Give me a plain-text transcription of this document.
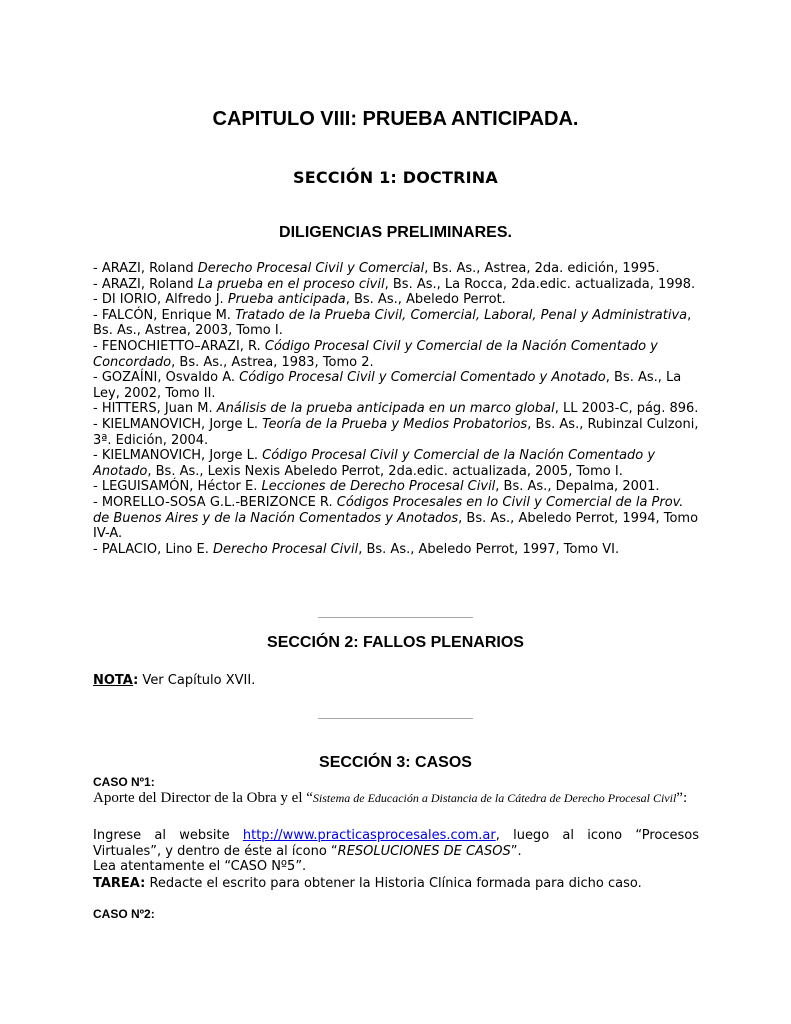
CAPITULO VIII: PRUEBA ANTICIPADA.
SECCIÓN 1: DOCTRINA
DILIGENCIAS PRELIMINARES.
- ARAZI, Roland Derecho Procesal Civil y Comercial, Bs. As., Astrea, 2da. edición, 1995.
- ARAZI, Roland La prueba en el proceso civil, Bs. As., La Rocca, 2da.edic. actualizada, 1998.
- DI IORIO, Alfredo J. Prueba anticipada, Bs. As., Abeledo Perrot.
- FALCÓN, Enrique M. Tratado de la Prueba Civil, Comercial, Laboral, Penal y Administrativa, Bs. As., Astrea, 2003, Tomo I.
- FENOCHIETTO–ARAZI, R. Código Procesal Civil y Comercial de la Nación Comentado y Concordado, Bs. As., Astrea, 1983, Tomo 2.
- GOZAÍNI, Osvaldo A. Código Procesal Civil y Comercial Comentado y Anotado, Bs. As., La Ley, 2002, Tomo II.
- HITTERS, Juan M. Análisis de la prueba anticipada en un marco global, LL 2003-C, pág. 896.
- KIELMANOVICH, Jorge L. Teoría de la Prueba y Medios Probatorios, Bs. As., Rubinzal Culzoni, 3ª. Edición, 2004.
- KIELMANOVICH, Jorge L. Código Procesal Civil y Comercial de la Nación Comentado y Anotado, Bs. As., Lexis Nexis Abeledo Perrot, 2da.edic. actualizada, 2005, Tomo I.
- LEGUISAMÓN, Héctor E. Lecciones de Derecho Procesal Civil, Bs. As., Depalma, 2001.
- MORELLO-SOSA G.L.-BERIZONCE R. Códigos Procesales en lo Civil y Comercial de la Prov. de Buenos Aires y de la Nación Comentados y Anotados, Bs. As., Abeledo Perrot, 1994, Tomo IV-A.
- PALACIO, Lino E. Derecho Procesal Civil, Bs. As., Abeledo Perrot, 1997, Tomo VI.
SECCIÓN 2: FALLOS PLENARIOS
NOTA: Ver Capítulo XVII.
SECCIÓN 3: CASOS
CASO Nº1:
Aporte del Director de la Obra y el “Sistema de Educación a Distancia de la Cátedra de Derecho Procesal Civil”:
Ingrese al website http://www.practicasprocesales.com.ar, luego al icono “Procesos
Virtuales”, y dentro de éste al ícono “RESOLUCIONES DE CASOS”.
Lea atentamente el “CASO Nº5”.
TAREA: Redacte el escrito para obtener la Historia Clínica formada para dicho caso.
CASO Nº2:
